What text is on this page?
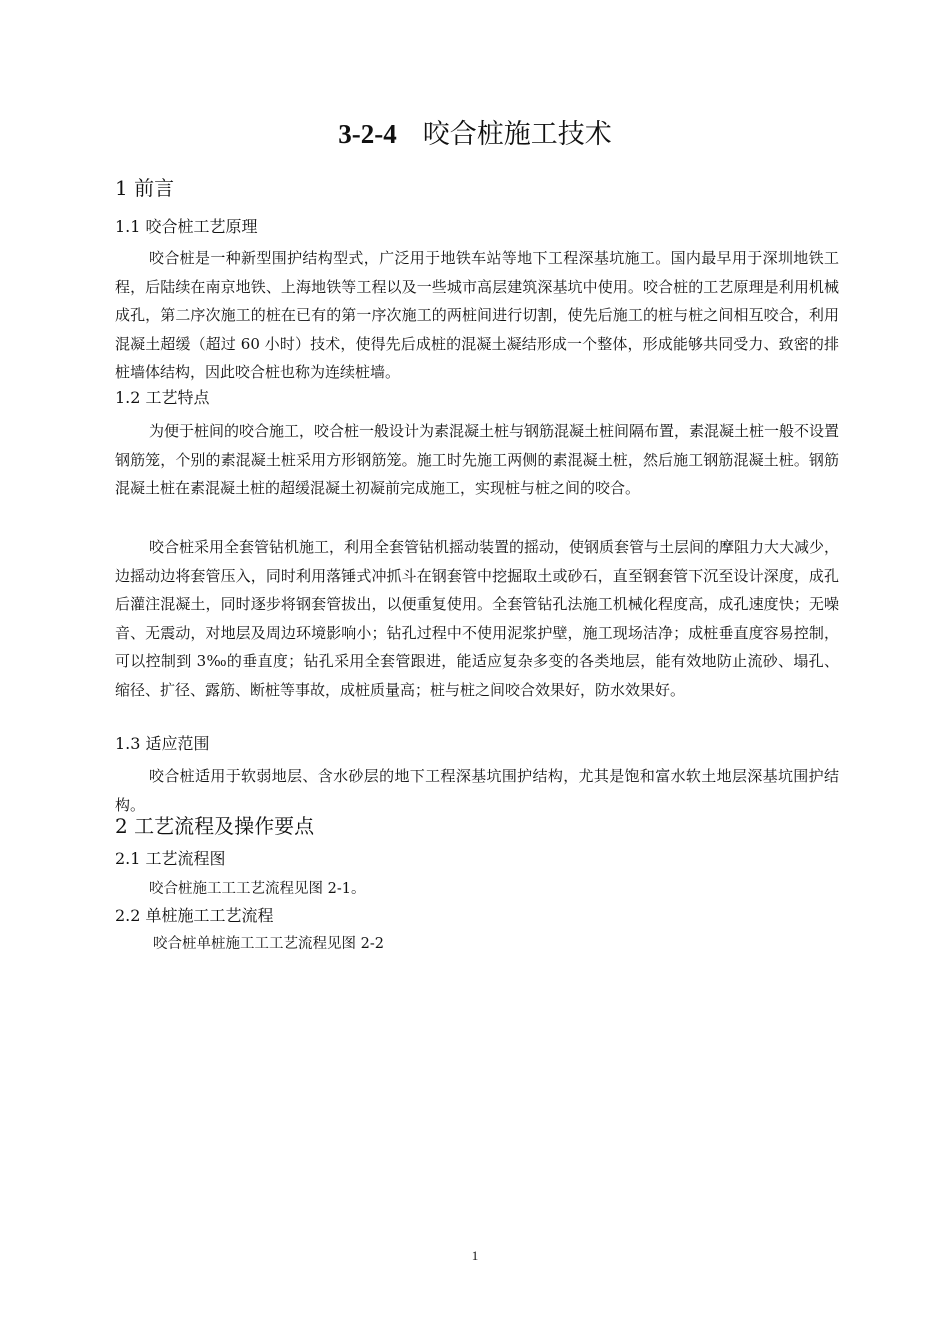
3-2-4 咬合桩施工技术
1 前言
1.1 咬合桩工艺原理

咬合桩是一种新型围护结构型式，广泛用于地铁车站等地下工程深基坑施工。国内最早用于深圳地铁工程，后陆续在南京地铁、上海地铁等工程以及一些城市高层建筑深基坑中使用。咬合桩的工艺原理是利用机械成孔，第二序次施工的桩在已有的第一序次施工的两桩间进行切割，使先后施工的桩与桩之间相互咬合，利用混凝土超缓（超过 60 小时）技术，使得先后成桩的混凝土凝结形成一个整体，形成能够共同受力、致密的排桩墙体结构，因此咬合桩也称为连续桩墙。

1.2 工艺特点

为便于桩间的咬合施工，咬合桩一般设计为素混凝土桩与钢筋混凝土桩间隔布置，素混凝土桩一般不设置钢筋笼，个别的素混凝土桩采用方形钢筋笼。施工时先施工两侧的素混凝土桩，然后施工钢筋混凝土桩。钢筋混凝土桩在素混凝土桩的超缓混凝土初凝前完成施工，实现桩与桩之间的咬合。

咬合桩采用全套管钻机施工，利用全套管钻机摇动装置的摇动，使钢质套管与土层间的摩阻力大大减少，边摇动边将套管压入，同时利用落锤式冲抓斗在钢套管中挖掘取土或砂石，直至钢套管下沉至设计深度，成孔后灌注混凝土，同时逐步将钢套管拔出，以便重复使用。全套管钻孔法施工机械化程度高，成孔速度快；无噪音、无震动，对地层及周边环境影响小；钻孔过程中不使用泥浆护壁，施工现场洁净；成桩垂直度容易控制，可以控制到 3‰的垂直度；钻孔采用全套管跟进，能适应复杂多变的各类地层，能有效地防止流砂、塌孔、缩径、扩径、露筋、断桩等事故，成桩质量高；桩与桩之间咬合效果好，防水效果好。

1.3 适应范围

咬合桩适用于软弱地层、含水砂层的地下工程深基坑围护结构，尤其是饱和富水软土地层深基坑围护结构。

2 工艺流程及操作要点
2.1 工艺流程图
咬合桩施工工工艺流程见图 2-1。
2.2 单桩施工工艺流程
咬合桩单桩施工工工艺流程见图 2-2
1
